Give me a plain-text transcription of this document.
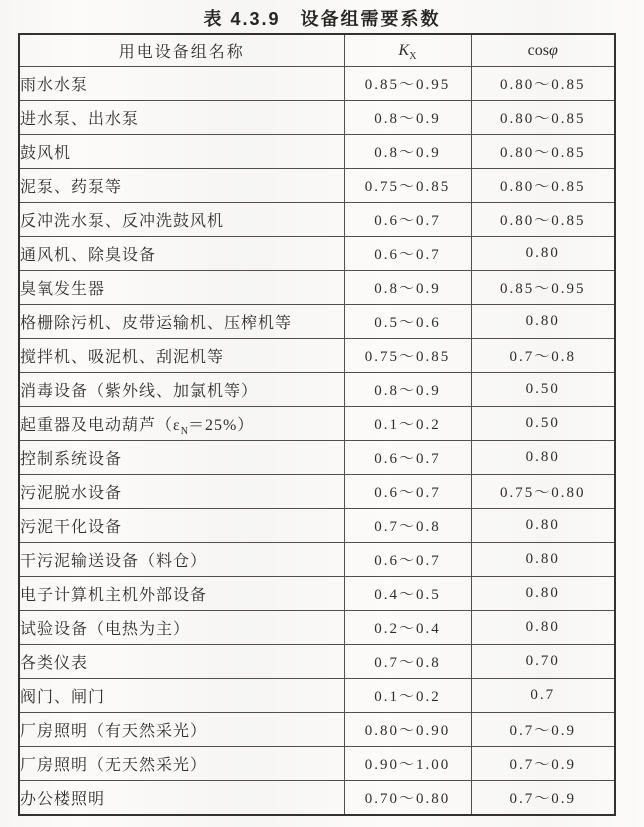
表 4.3.9　设备组需要系数
用电设备组名称	$K_X$	cosφ
雨水水泵	0.85～0.95	0.80～0.85
进水泵、出水泵	0.8～0.9	0.80～0.85
鼓风机	0.8～0.9	0.80～0.85
泥泵、药泵等	0.75～0.85	0.80～0.85
反冲洗水泵、反冲洗鼓风机	0.6～0.7	0.80～0.85
通风机、除臭设备	0.6～0.7	0.80
臭氧发生器	0.8～0.9	0.85～0.95
格栅除污机、皮带运输机、压榨机等	0.5～0.6	0.80
搅拌机、吸泥机、刮泥机等	0.75～0.85	0.7～0.8
消毒设备（紫外线、加氯机等）	0.8～0.9	0.50
起重器及电动葫芦$(\varepsilon_N=25\%)$	0.1～0.2	0.50
控制系统设备	0.6～0.7	0.80
污泥脱水设备	0.6～0.7	0.75～0.80
污泥干化设备	0.7～0.8	0.80
干污泥输送设备（料仓）	0.6～0.7	0.80
电子计算机主机外部设备	0.4～0.5	0.80
试验设备（电热为主）	0.2～0.4	0.80
各类仪表	0.7～0.8	0.70
阀门、闸门	0.1～0.2	0.7
厂房照明（有天然采光）	0.80～0.90	0.7～0.9
厂房照明（无天然采光）	0.90～1.00	0.7～0.9
办公楼照明	0.70～0.80	0.7～0.9
